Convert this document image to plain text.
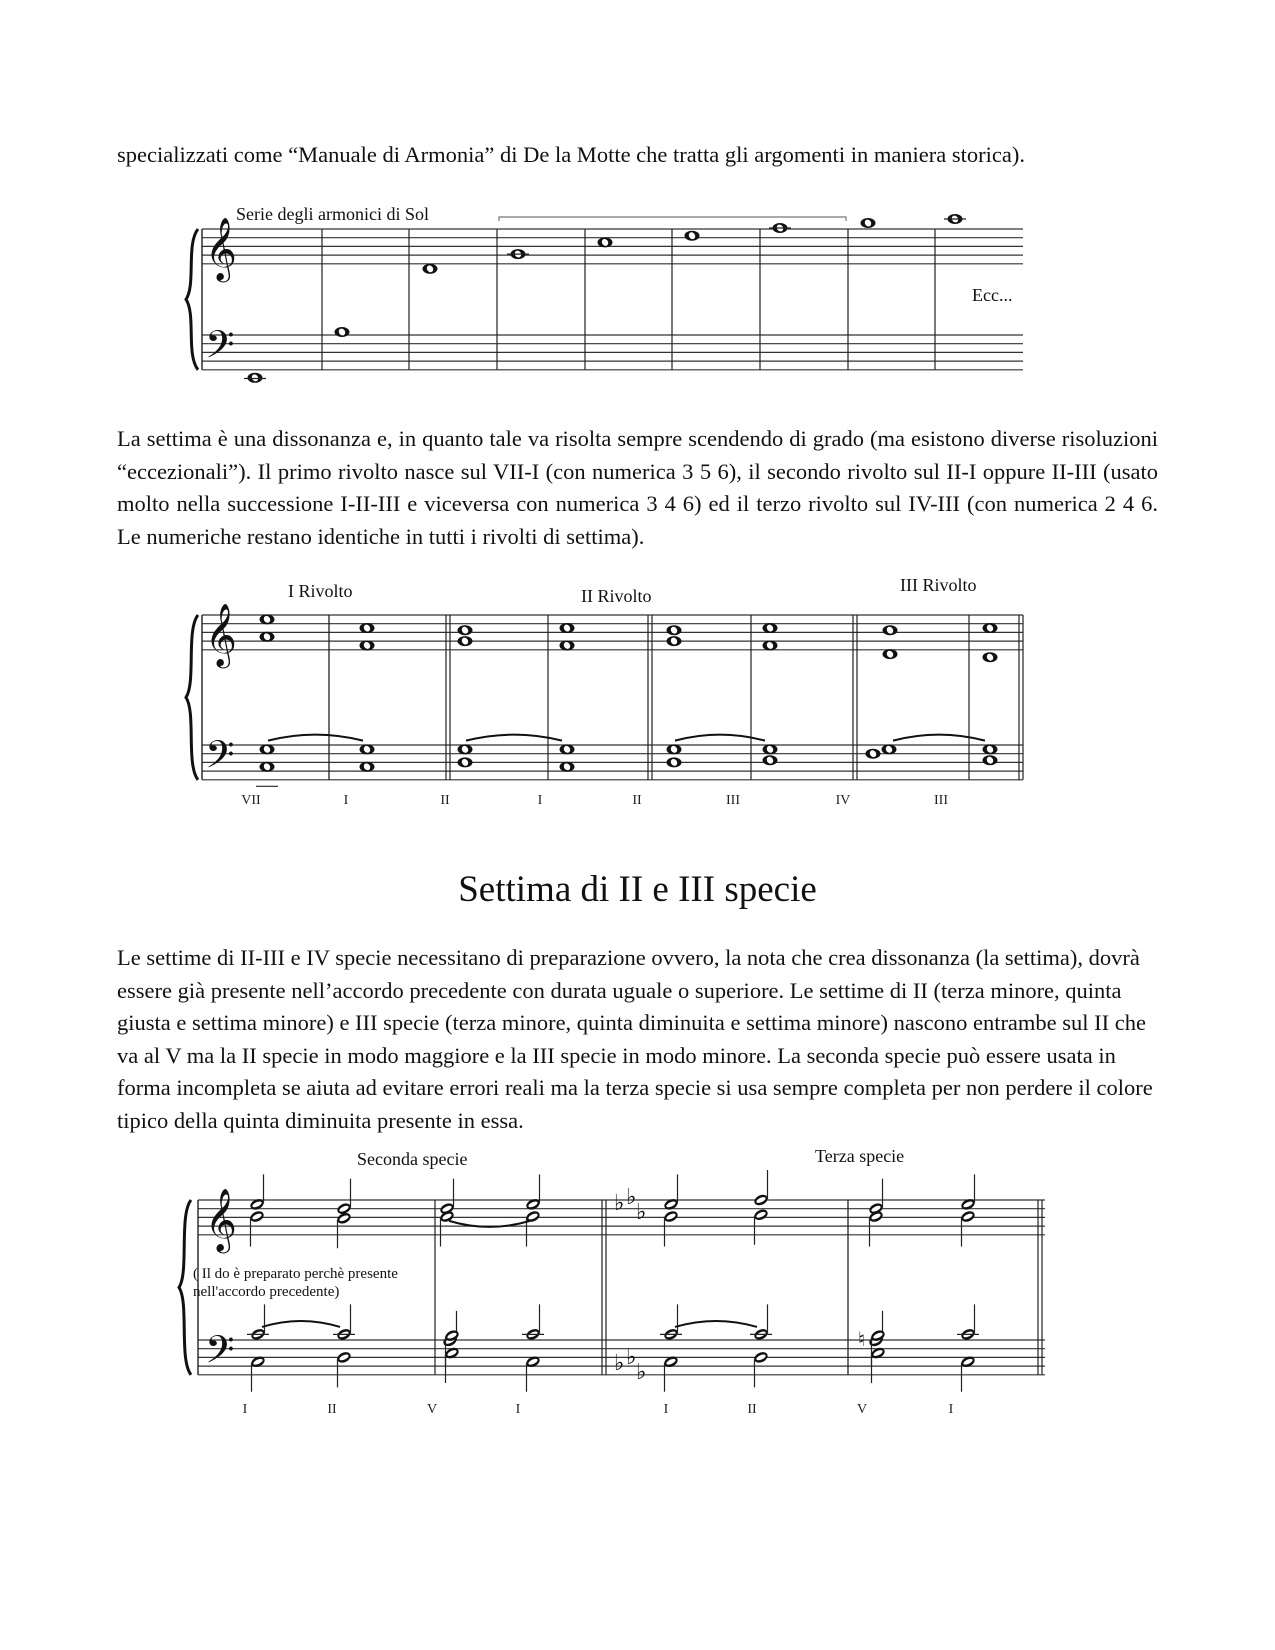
specializzati come “Manuale di Armonia” di De la Motte che tratta gli argomenti in maniera storica).

Serie degli armonici di Sol
𝄞
𝄢
Ecc...

La settima è una dissonanza e, in quanto tale va risolta sempre scendendo di grado (ma esistono diverse risoluzioni “eccezionali”). Il primo rivolto nasce sul VII-I (con numerica 3 5 6), il secondo rivolto sul II-I oppure II-III (usato molto nella successione I-II-III e viceversa con numerica 3 4 6) ed il terzo rivolto sul IV-III (con numerica 2 4 6. Le numeriche restano identiche in tutti i rivolti di settima).

I Rivolto	II Rivolto
III Rivolto
𝄞
𝄢
VII	I	II	I	II	III	IV	III
Settima di II e III specie

Le settime di II-III e IV specie necessitano di preparazione ovvero, la nota che crea dissonanza (la settima), dovrà essere già presente nell’accordo precedente con durata uguale o superiore. Le settime di II (terza minore, quinta giusta e settima minore) e III specie (terza minore, quinta diminuita e settima minore) nascono entrambe sul II che va al V ma la II specie in modo maggiore e la III specie in modo minore. La seconda specie può essere usata in forma incompleta se aiuta ad evitare errori reali ma la terza specie si usa sempre completa per non perdere il colore tipico della quinta diminuita presente in essa.

Seconda specie	Terza specie
( Il do è preparato perchè presente
nell'accordo precedente)
𝄞
𝄢
♭ ♭
♭
♭ ♭
♭
♮
I	II	V	I	I	II	V	I
